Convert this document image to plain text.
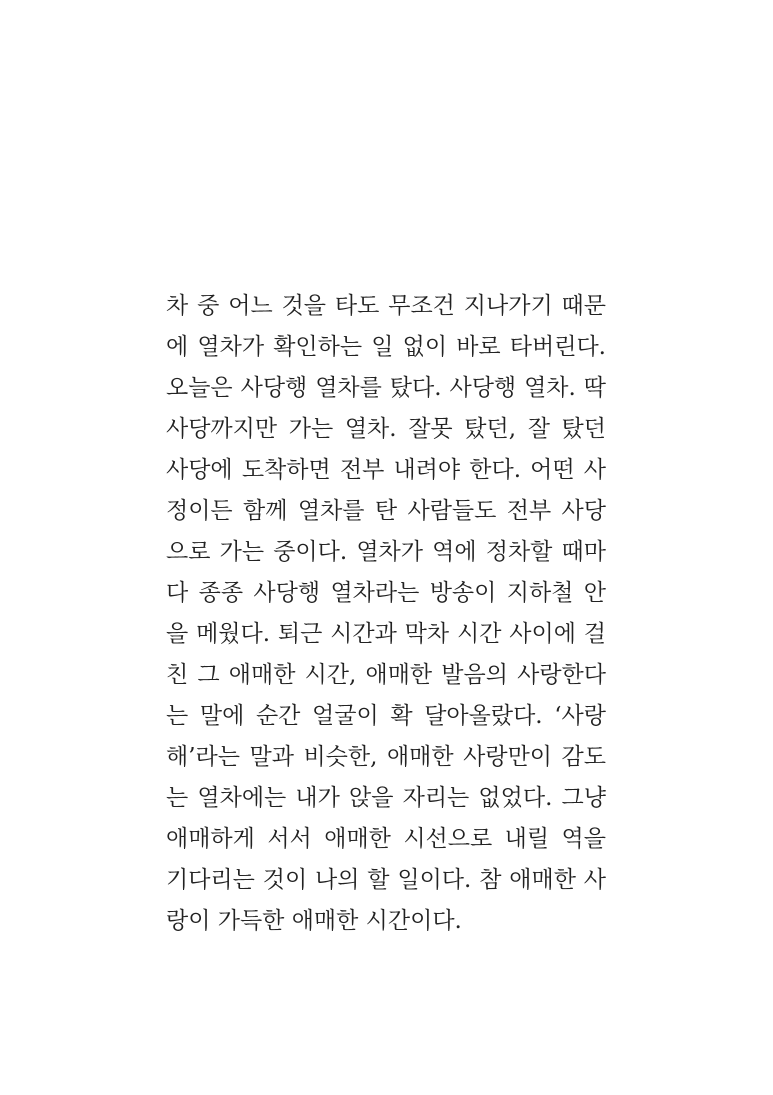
차 중 어느 것을 타도 무조건 지나가기 때문
에 열차가 확인하는 일 없이 바로 타버린다.
오늘은 사당행 열차를 탔다. 사당행 열차. 딱
사당까지만 가는 열차. 잘못 탔던, 잘 탔던
사당에 도착하면 전부 내려야 한다. 어떤 사
정이든 함께 열차를 탄 사람들도 전부 사당
으로 가는 중이다. 열차가 역에 정차할 때마
다 종종 사당행 열차라는 방송이 지하철 안
을 메웠다. 퇴근 시간과 막차 시간 사이에 걸
친 그 애매한 시간, 애매한 발음의 사랑한다
는 말에 순간 얼굴이 확 달아올랐다. ‘사랑
해’라는 말과 비슷한, 애매한 사랑만이 감도
는 열차에는 내가 앉을 자리는 없었다. 그냥
애매하게 서서 애매한 시선으로 내릴 역을
기다리는 것이 나의 할 일이다. 참 애매한 사
랑이 가득한 애매한 시간이다.
